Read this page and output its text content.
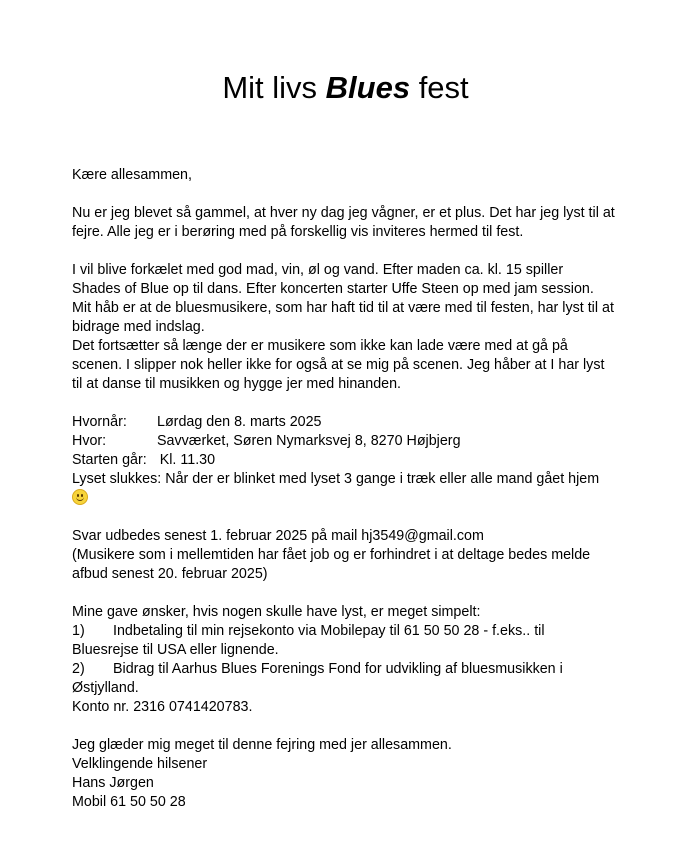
Mit livs Blues fest

Kære allesammen,

Nu er jeg blevet så gammel, at hver ny dag jeg vågner, er et plus. Det har jeg lyst til at
fejre. Alle jeg er i berøring med på forskellig vis inviteres hermed til fest.

I vil blive forkælet med god mad, vin, øl og vand. Efter maden ca. kl. 15 spiller
Shades of Blue op til dans. Efter koncerten starter Uffe Steen op med jam session.
Mit håb er at de bluesmusikere, som har haft tid til at være med til festen, har lyst til at
bidrage med indslag.
Det fortsætter så længe der er musikere som ikke kan lade være med at gå på
scenen. I slipper nok heller ikke for også at se mig på scenen. Jeg håber at I har lyst
til at danse til musikken og hygge jer med hinanden.

Hvornår: Lørdag den 8. marts 2025
Hvor:	Savværket, Søren Nymarksvej 8, 8270 Højbjerg
Starten går: Kl. 11.30
Lyset slukkes: Når der er blinket med lyset 3 gange i træk eller alle mand gået hjem

Svar udbedes senest 1. februar 2025 på mail hj3549@gmail.com
(Musikere som i mellemtiden har fået job og er forhindret i at deltage bedes melde
afbud senest 20. februar 2025)

Mine gave ønsker, hvis nogen skulle have lyst, er meget simpelt:
1) Indbetaling til min rejsekonto via Mobilepay til 61 50 50 28 - f.eks.. til
Bluesrejse til USA eller lignende.
2) Bidrag til Aarhus Blues Forenings Fond for udvikling af bluesmusikken i
Østjylland.
Konto nr. 2316 0741420783.

Jeg glæder mig meget til denne fejring med jer allesammen.
Velklingende hilsener
Hans Jørgen
Mobil 61 50 50 28
